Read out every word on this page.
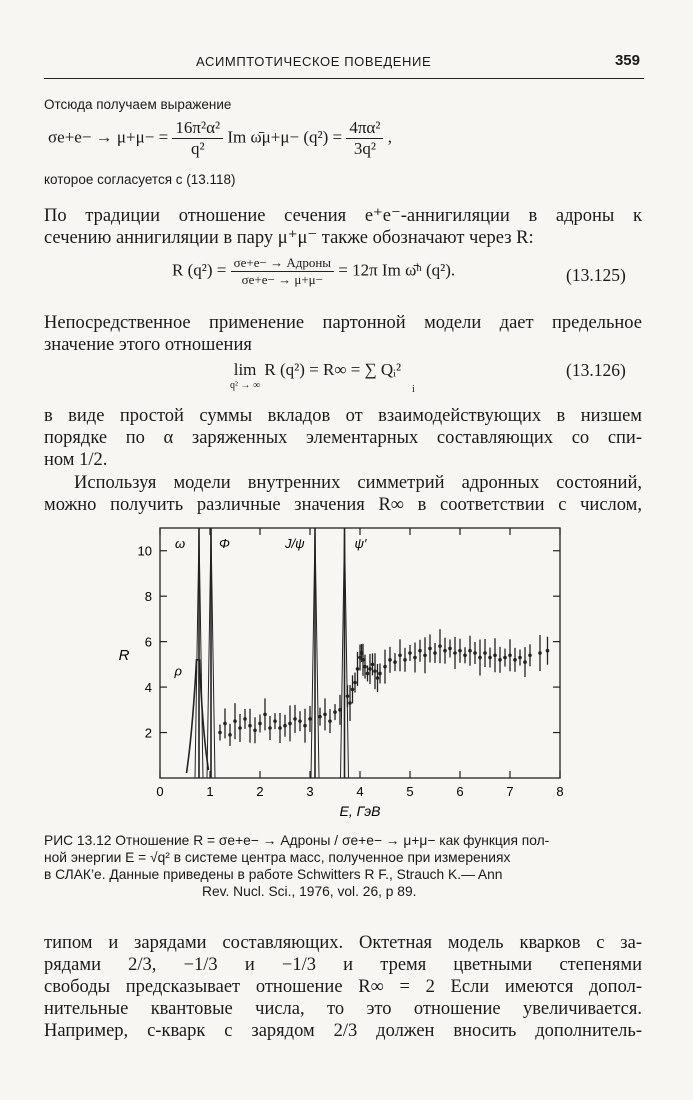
АСИМПТОТИЧЕСКОЕ ПОВЕДЕНИЕ	359
Отсюда получаем выражение
$\sigma e+e- \to \mu+\mu- = \frac{\text{16π²α²}}{\text{q²}}$ Im ω̄μ+μ− $(q^2) = \frac{\text{4πα²}}{\text{3q²}}$ ,
которое согласуется с (13.118)
По традиции отношение сечения e⁺e⁻-аннигиляции в адроны к
сечению аннигиляции в пару μ⁺μ⁻ также обозначают через R:
R $(q^2) = \frac{\text{σe+e− → Адроны}}{\sigma e+e- \to \mu+\mu-} = 12\pi$ Im ω̄ʰ (q²).	(13.125)
Непосредственное применение партонной модели дает предельное
значение этого отношения
lim
q² → ∞
R (q²) = R∞ = ∑ Qᵢ²
i
(13.126)
в виде простой суммы вкладов от взаимодействующих в низшем
порядке по α заряженных элементарных составляющих со спи-
ном 1/2.
Используя модели внутренних симметрий адронных состояний,
можно получить различные значения R∞ в соответствии с числом,
0	1	2	3	4	5	6	7	8
2
4
6
8
10
ρ
ω	Φ	J/ψ	ψ′
E, ГэВ
R
РИС 13.12 Отношение R = σe+e− → Адроны / σe+e− → μ+μ− как функция пол-
ной энергии E = √q² в системе центра масс, полученное при измерениях
в СЛАК’е. Данные приведены в работе Schwitters R F., Strauch K.— Ann
Rev. Nucl. Sci., 1976, vol. 26, p 89.
типом и зарядами составляющих. Октетная модель кварков с за-
рядами 2/3, −1/3 и −1/3 и тремя цветными степенями
свободы предсказывает отношение R∞ = 2 Если имеются допол-
нительные квантовые числа, то это отношение увеличивается.
Например, c-кварк с зарядом 2/3 должен вносить дополнитель-
